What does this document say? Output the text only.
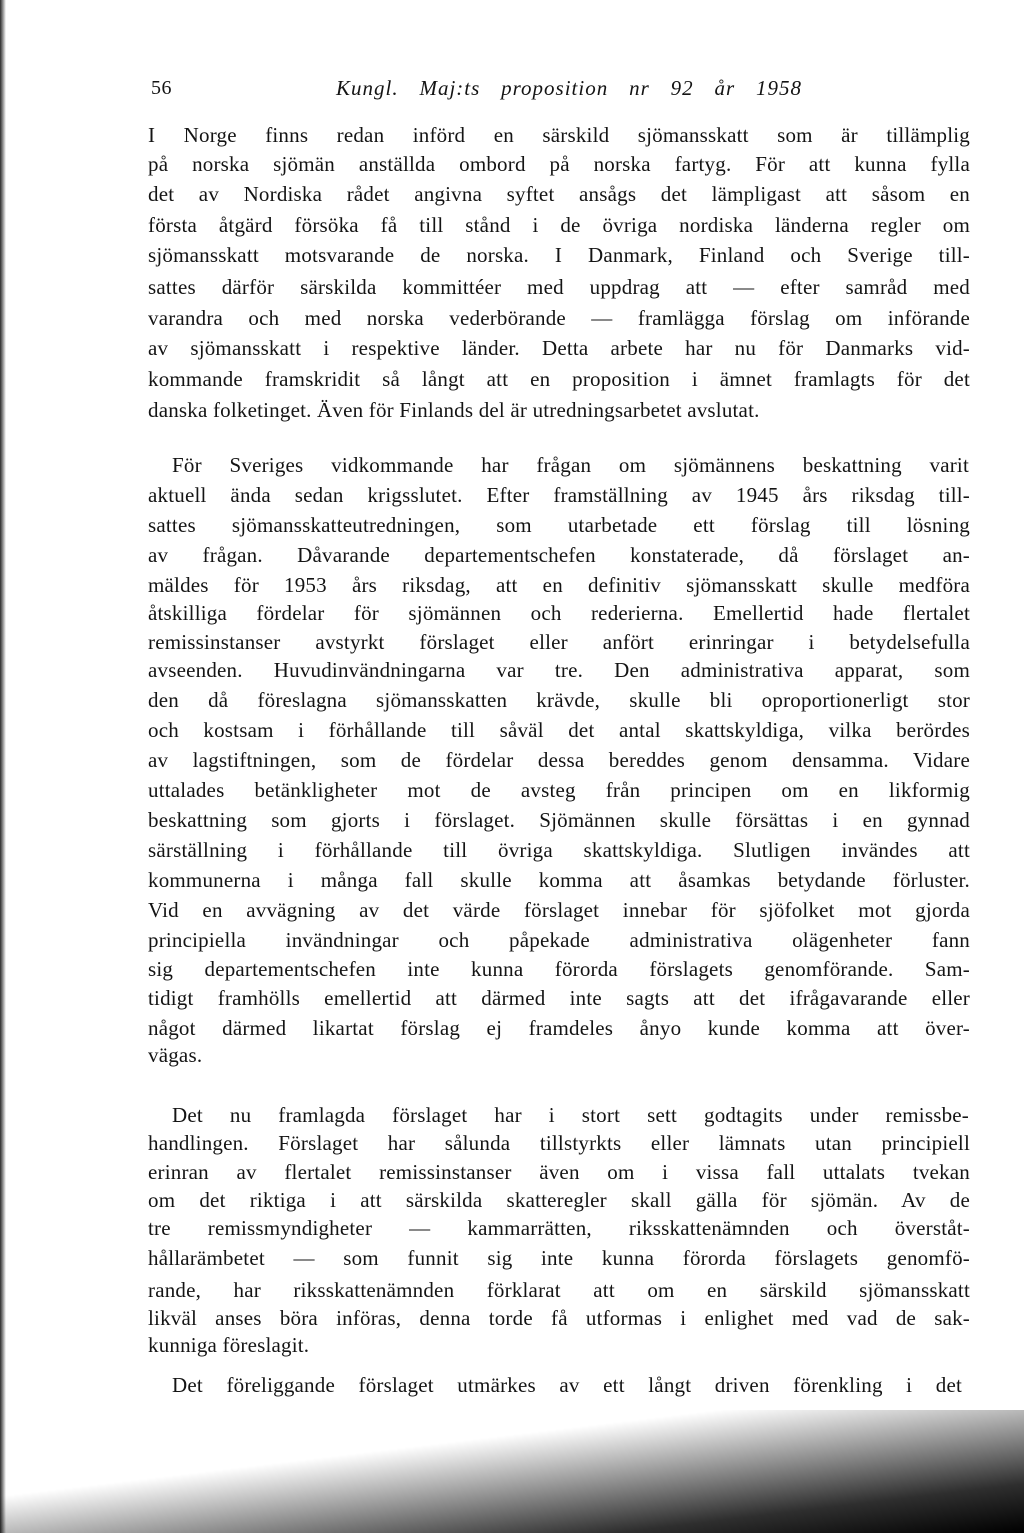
56	Kungl. Maj:ts proposition nr 92 år 1958
I Norge finns redan införd en särskild sjömansskatt som är tillämplig
på norska sjömän anställda ombord på norska fartyg. För att kunna fylla
det av Nordiska rådet angivna syftet ansågs det lämpligast att såsom en
första åtgärd försöka få till stånd i de övriga nordiska länderna regler om
sjömansskatt motsvarande de norska. I Danmark, Finland och Sverige till-
sattes därför särskilda kommittéer med uppdrag att — efter samråd med
varandra och med norska vederbörande — framlägga förslag om införande
av sjömansskatt i respektive länder. Detta arbete har nu för Danmarks vid-
kommande framskridit så långt att en proposition i ämnet framlagts för det
danska folketinget. Även för Finlands del är utredningsarbetet avslutat.
För Sveriges vidkommande har frågan om sjömännens beskattning varit
aktuell ända sedan krigsslutet. Efter framställning av 1945 års riksdag till-
sattes sjömansskatteutredningen, som utarbetade ett förslag till lösning
av frågan. Dåvarande departementschefen konstaterade, då förslaget an-
mäldes för 1953 års riksdag, att en definitiv sjömansskatt skulle medföra
åtskilliga fördelar för sjömännen och rederierna. Emellertid hade flertalet
remissinstanser avstyrkt förslaget eller anfört erinringar i betydelsefulla
avseenden. Huvudinvändningarna var tre. Den administrativa apparat, som
den då föreslagna sjömansskatten krävde, skulle bli oproportionerligt stor
och kostsam i förhållande till såväl det antal skattskyldiga, vilka berördes
av lagstiftningen, som de fördelar dessa bereddes genom densamma. Vidare
uttalades betänkligheter mot de avsteg från principen om en likformig
beskattning som gjorts i förslaget. Sjömännen skulle försättas i en gynnad
särställning i förhållande till övriga skattskyldiga. Slutligen invändes att
kommunerna i många fall skulle komma att åsamkas betydande förluster.
Vid en avvägning av det värde förslaget innebar för sjöfolket mot gjorda
principiella invändningar och påpekade administrativa olägenheter fann
sig departementschefen inte kunna förorda förslagets genomförande. Sam-
tidigt framhölls emellertid att därmed inte sagts att det ifrågavarande eller
något därmed likartat förslag ej framdeles ånyo kunde komma att över-
vägas.
Det nu framlagda förslaget har i stort sett godtagits under remissbe-
handlingen. Förslaget har sålunda tillstyrkts eller lämnats utan principiell
erinran av flertalet remissinstanser även om i vissa fall uttalats tvekan
om det riktiga i att särskilda skatteregler skall gälla för sjömän. Av de
tre remissmyndigheter — kammarrätten, riksskattenämnden och överståt-
hållarämbetet — som funnit sig inte kunna förorda förslagets genomfö-
rande, har riksskattenämnden förklarat att om en särskild sjömansskatt
likväl anses böra införas, denna torde få utformas i enlighet med vad de sak-
kunniga föreslagit.
Det föreliggande förslaget utmärkes av ett långt driven förenkling i det
